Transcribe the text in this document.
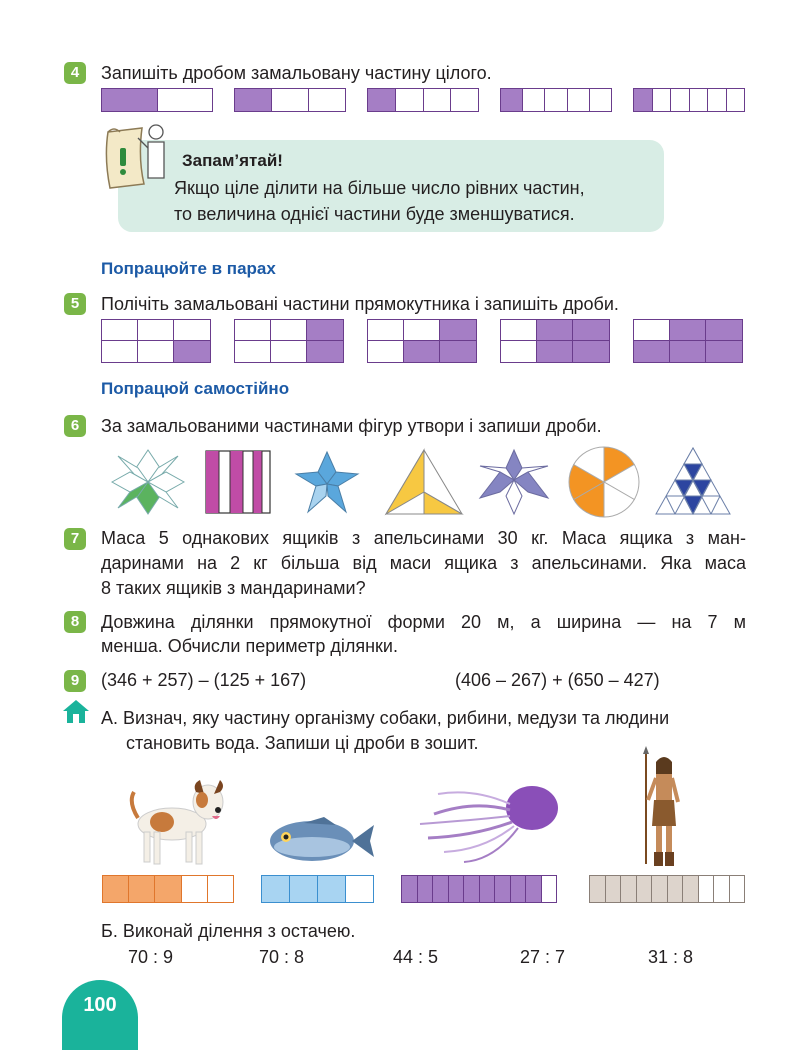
4	Запишіть дробом замальовану частину цілого.
Запам’ятай!
Якщо ціле ділити на більше число рівних частин,
то величина однієї частини буде зменшуватися.
Попрацюйте в парах
5	Полічіть замальовані частини прямокутника і запишіть дроби.
Попрацюй самостійно
6	За замальованими частинами фігур утвори і запиши дроби.
7	Маса 5 однакових ящиків з апельсинами 30 кг. Маса ящика з ман-
даринами на 2 кг більша від маси ящика з апельсинами. Яка маса
8 таких ящиків з мандаринами?
8	Довжина ділянки прямокутної форми 20 м, а ширина — на 7 м
менша. Обчисли периметр ділянки.
9	(346 + 257) – (125 + 167)	(406 – 267) + (650 – 427)
А. Визнач, яку частину організму собаки, рибини, медузи та людини
становить вода. Запиши ці дроби в зошит.
Б. Виконай ділення з остачею.
70 : 9	70 : 8	44 : 5	27 : 7	31 : 8
100
